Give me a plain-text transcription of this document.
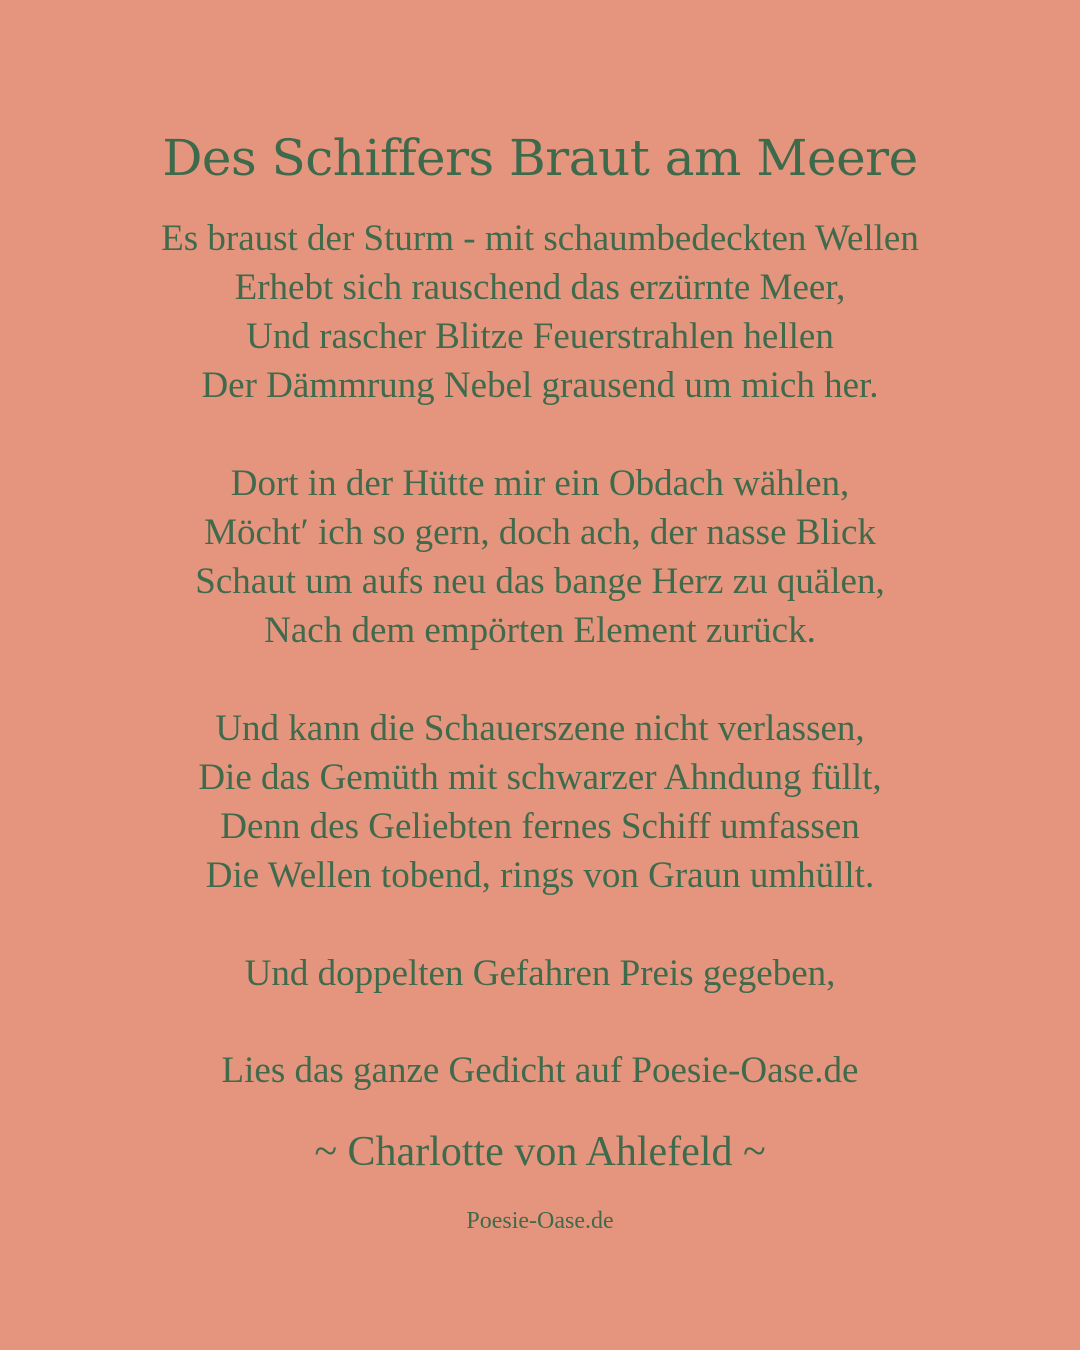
Des Schiffers Braut am Meere
Es braust der Sturm - mit schaumbedeckten Wellen
Erhebt sich rauschend das erzürnte Meer,
Und rascher Blitze Feuerstrahlen hellen
Der Dämmrung Nebel grausend um mich her.
Dort in der Hütte mir ein Obdach wählen,
Möcht′ ich so gern, doch ach, der nasse Blick
Schaut um aufs neu das bange Herz zu quälen,
Nach dem empörten Element zurück.
Und kann die Schauerszene nicht verlassen,
Die das Gemüth mit schwarzer Ahndung füllt,
Denn des Geliebten fernes Schiff umfassen
Die Wellen tobend, rings von Graun umhüllt.
Und doppelten Gefahren Preis gegeben,
Lies das ganze Gedicht auf Poesie-Oase.de
~ Charlotte von Ahlefeld ~
Poesie-Oase.de
